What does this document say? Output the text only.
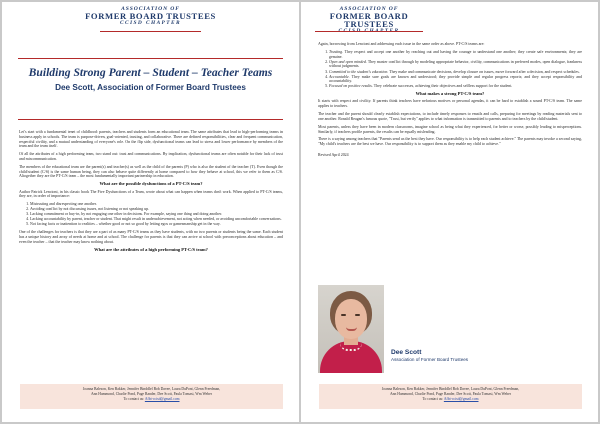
ASSOCIATION OF
FORMER BOARD TRUSTEES
CCISD CHAPTER
Building Strong Parent – Student – Teacher Teams
Dee Scott, Association of Former Board Trustees

Let's start with a fundamental tenet of childhood: parents, teachers and students form an educational team. The same attributes that lead to high-performing teams in business apply in schools. The team is purpose-driven, goal-oriented, trusting, and collaborative. There are defined responsibilities, clear and frequent communication, respectful civility, and a mutual understanding of everyone's role. On the flip side, dysfunctional teams can lead to stress and lower performance by members of the team and the team itself.

Of all the attributes of a high performing team, two stand out: trust and communications. By implication, dysfunctional teams are often notable for their lack of trust and miscommunication.

The members of the educational team are the parent(s) and teacher(s) as well as the child of the parents (P) who is also the student of the teacher (T). Even though the child/student (C/S) is the same human being, they can also behave quite differently at home compared to how they behave at school, this we refer to them as C/S. Altogether they are the PT-C/S team – the most fundamentally important partnership in education.

What are the possible dysfunctions of a PT-C/S team?

Author Patrick Lencioni, in his classic book The Five Dysfunctions of a Team, wrote about what can happen when teams don't work. When applied to PT-C/S teams, they are, in order of importance:

1. Mistrusting and disrespecting one another.
2. Avoiding conflict by not discussing issues, not listening or not speaking up.
3. Lacking commitment or buy-in, by not engaging one other in decisions. For example, saying one thing and doing another.
4. Lacking accountability by parent, teacher or student. That might result in underachievement, not acting when needed, or avoiding uncomfortable conversations.
5. Not facing facts or inattention to realities – whether good or not so good by letting egos or gamesmanship get in the way.

One of the challenges for teachers is that they are a part of as many PT-C/S teams as they have students, with no two parents or students being the same. Each student has a unique history and array of needs at home and at school. The challenge for parents is that they can arrive at school with preconceptions about education – and even the teacher – that the teacher may know nothing about.

What are the attributes of a high performing PT-C/S team?
Joanna Baleson, Ken Bakker, Jennifer Binddlel Bob Davee, Laura DuPont, Glenn Freedman,
Ann Hammond, Charlie Pond, Page Rander, Dee Scott, Paula Tomasi, Wm Weber
To contact us: Afbt-ccisd@gmail.com
ASSOCIATION OF
FORMER BOARD TRUSTEES

Again, borrowing from Lencioni and addressing each issue in the same order as above. PT-C/S teams are:

1. Trusting. They respect and accept one another by reaching out and having the courage to understand one another; they create safe environments; they are genuine.
2. Open and open minded. They master conflict through by modeling appropriate behavior, civility, communications in preferred modes, open dialogue, frankness without judgments.
3. Committed to the student's education. They make and communicate decisions, develop closure on issues, move forward after a decision, and respect schedules.
4. Accountable. They make sure goals are known and understood; they provide simple and regular progress reports; and they accept responsibility and accountability.
5. Focused on positive results. They celebrate successes, achieving their objectives and selfless support for the student.
What makes a strong PT-C/S team?

It starts with respect and civility. If parents think teachers have nefarious motives or personal agendas, it can be hard to establish a sound PT-C/S team. The same applies to teachers.

The teacher and the parent should clearly establish expectations, to include timely responses to emails and calls, preparing for meetings by reading materials sent to one another. Ronald Reagan's famous quote, "Trust, but verify" applies to what information is transmitted to parents and to teachers by the child/student.

Most parents, unless they have been in modern classrooms, imagine school as being what they experienced, for better or worse, possibly leading to misperceptions. Similarly, if teachers profile parents, the results can be equally misleading.

There is a saying among teachers that "Parents send us the best they have. Our responsibility is to help each student achieve." The parents may invoke a second saying, "My child's teachers are the best we have. Our responsibility is to support them as they enable my child to achieve."

Revised April 2024

Dee Scott
Association of Former Board Trustees
Joanna Baleson, Ken Bakker, Jennifer Binddlel Bob Davee, Laura DuPont, Glenn Freedman,
Ann Hammond, Charlie Pond, Page Rander, Dee Scott, Paula Tomasi, Wm Weber
To contact us: Afbt-ccisd@gmail.com
